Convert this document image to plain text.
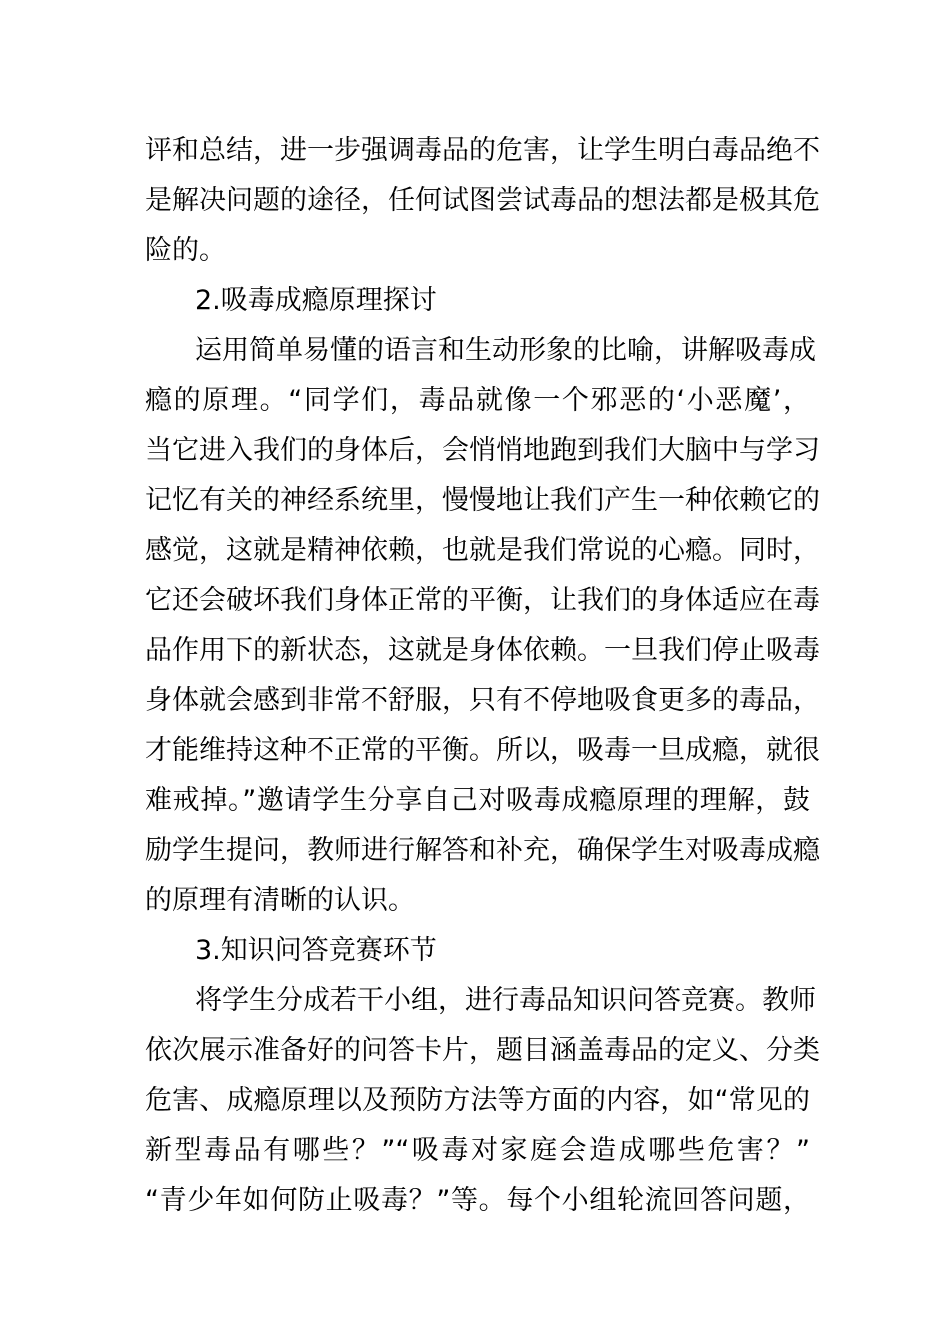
评和总结，进一步强调毒品的危害，让学生明白毒品绝不
是解决问题的途径，任何试图尝试毒品的想法都是极其危
险的。
2.吸毒成瘾原理探讨
运用简单易懂的语言和生动形象的比喻，讲解吸毒成
瘾的原理。“同学们，毒品就像一个邪恶的‘小恶魔’，
当它进入我们的身体后，会悄悄地跑到我们大脑中与学习
记忆有关的神经系统里，慢慢地让我们产生一种依赖它的
感觉，这就是精神依赖，也就是我们常说的心瘾。同时，
它还会破坏我们身体正常的平衡，让我们的身体适应在毒
品作用下的新状态，这就是身体依赖。一旦我们停止吸毒
身体就会感到非常不舒服，只有不停地吸食更多的毒品，
才能维持这种不正常的平衡。所以，吸毒一旦成瘾，就很
难戒掉。”邀请学生分享自己对吸毒成瘾原理的理解，鼓
励学生提问，教师进行解答和补充，确保学生对吸毒成瘾
的原理有清晰的认识。
3.知识问答竞赛环节
将学生分成若干小组，进行毒品知识问答竞赛。教师
依次展示准备好的问答卡片，题目涵盖毒品的定义、分类
危害、成瘾原理以及预防方法等方面的内容，如“常见的
新型毒品有哪些？”“吸毒对家庭会造成哪些危害？”
“青少年如何防止吸毒？”等。每个小组轮流回答问题，
